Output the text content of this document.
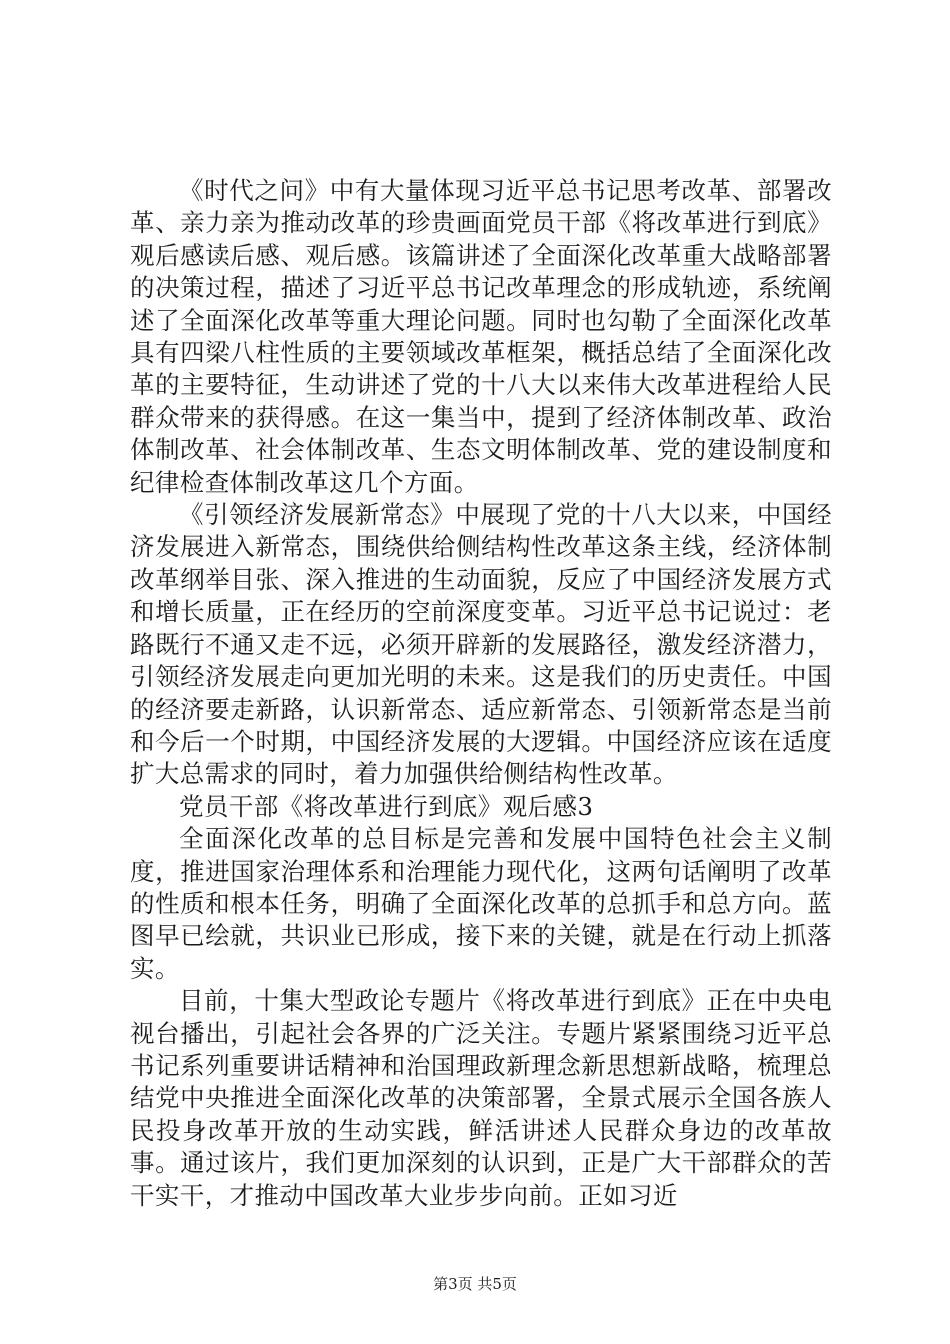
《时代之问》中有大量体现习近平总书记思考改革、部署改革、亲力亲为推动改革的珍贵画面党员干部《将改革进行到底》观后感读后感、观后感。该篇讲述了全面深化改革重大战略部署的决策过程，描述了习近平总书记改革理念的形成轨迹，系统阐述了全面深化改革等重大理论问题。同时也勾勒了全面深化改革具有四梁八柱性质的主要领域改革框架，概括总结了全面深化改革的主要特征，生动讲述了党的十八大以来伟大改革进程给人民群众带来的获得感。在这一集当中，提到了经济体制改革、政治体制改革、社会体制改革、生态文明体制改革、党的建设制度和纪律检查体制改革这几个方面。

《引领经济发展新常态》中展现了党的十八大以来，中国经济发展进入新常态，围绕供给侧结构性改革这条主线，经济体制改革纲举目张、深入推进的生动面貌，反应了中国经济发展方式和增长质量，正在经历的空前深度变革。习近平总书记说过：老路既行不通又走不远，必须开辟新的发展路径，激发经济潜力，引领经济发展走向更加光明的未来。这是我们的历史责任。中国的经济要走新路，认识新常态、适应新常态、引领新常态是当前和今后一个时期，中国经济发展的大逻辑。中国经济应该在适度扩大总需求的同时，着力加强供给侧结构性改革。

党员干部《将改革进行到底》观后感3

全面深化改革的总目标是完善和发展中国特色社会主义制度，推进国家治理体系和治理能力现代化，这两句话阐明了改革的性质和根本任务，明确了全面深化改革的总抓手和总方向。蓝图早已绘就，共识业已形成，接下来的关键，就是在行动上抓落实。

目前，十集大型政论专题片《将改革进行到底》正在中央电视台播出，引起社会各界的广泛关注。专题片紧紧围绕习近平总书记系列重要讲话精神和治国理政新理念新思想新战略，梳理总结党中央推进全面深化改革的决策部署，全景式展示全国各族人民投身改革开放的生动实践，鲜活讲述人民群众身边的改革故事。通过该片，我们更加深刻的认识到，正是广大干部群众的苦干实干，才推动中国改革大业步步向前。正如习近

第3页 共5页
